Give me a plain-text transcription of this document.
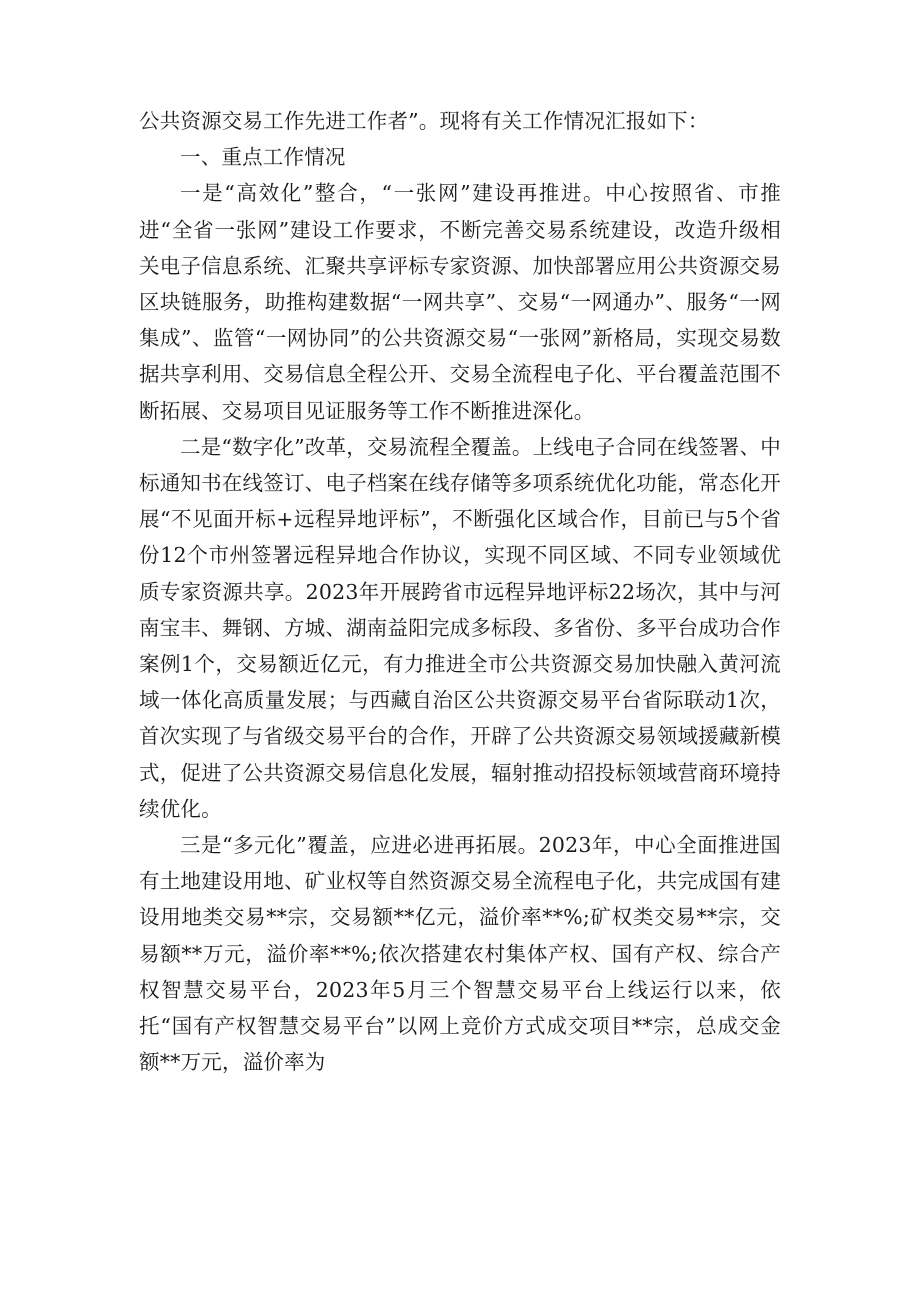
公共资源交易工作先进工作者”。现将有关工作情况汇报如下：

一、重点工作情况

一是“高效化”整合，“一张网”建设再推进。中心按照省、市推进“全省一张网”建设工作要求，不断完善交易系统建设，改造升级相关电子信息系统、汇聚共享评标专家资源、加快部署应用公共资源交易区块链服务，助推构建数据“一网共享”、交易“一网通办”、服务“一网集成”、监管“一网协同”的公共资源交易“一张网”新格局，实现交易数据共享利用、交易信息全程公开、交易全流程电子化、平台覆盖范围不断拓展、交易项目见证服务等工作不断推进深化。

二是“数字化”改革，交易流程全覆盖。上线电子合同在线签署、中标通知书在线签订、电子档案在线存储等多项系统优化功能，常态化开展“不见面开标+远程异地评标”，不断强化区域合作，目前已与5个省份12个市州签署远程异地合作协议，实现不同区域、不同专业领域优质专家资源共享。2023年开展跨省市远程异地评标22场次，其中与河南宝丰、舞钢、方城、湖南益阳完成多标段、多省份、多平台成功合作案例1个，交易额近亿元，有力推进全市公共资源交易加快融入黄河流域一体化高质量发展；与西藏自治区公共资源交易平台省际联动1次，首次实现了与省级交易平台的合作，开辟了公共资源交易领域援藏新模式，促进了公共资源交易信息化发展，辐射推动招投标领域营商环境持续优化。

三是“多元化”覆盖，应进必进再拓展。2023年，中心全面推进国有土地建设用地、矿业权等自然资源交易全流程电子化，共完成国有建设用地类交易**宗，交易额**亿元，溢价率**%;矿权类交易**宗，交易额**万元，溢价率**%;依次搭建农村集体产权、国有产权、综合产权智慧交易平台，2023年5月三个智慧交易平台上线运行以来，依托“国有产权智慧交易平台”以网上竞价方式成交项目**宗，总成交金额**万元，溢价率为
